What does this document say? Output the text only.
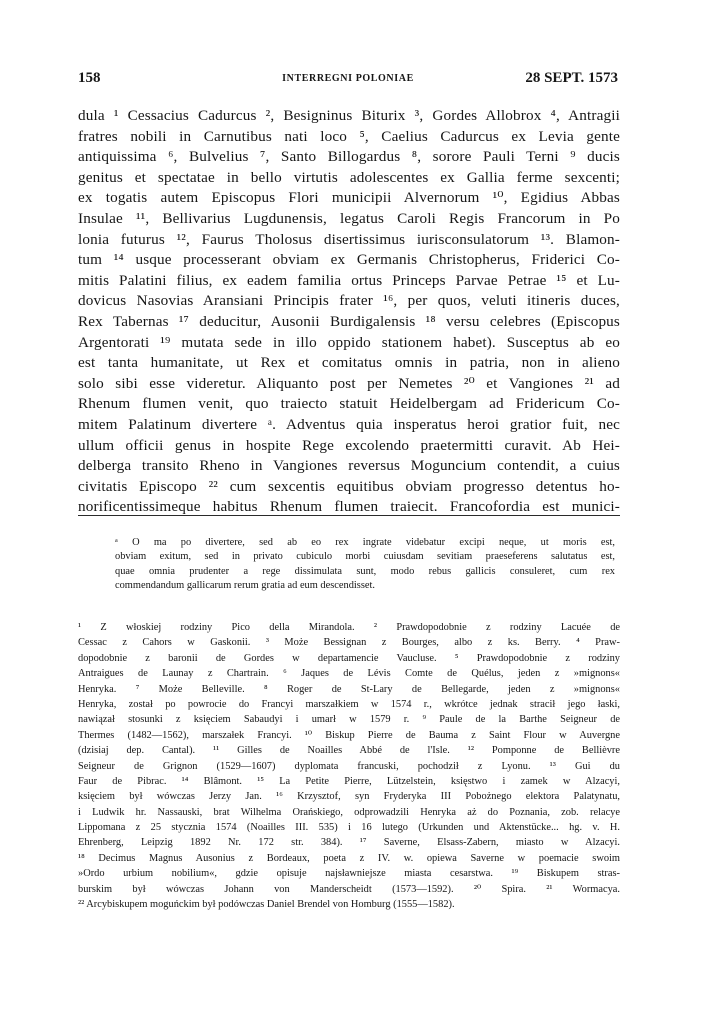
158	INTERREGNI POLONIAE	28 SEPT. 1573
dula ¹ Cessacius Cadurcus ², Besigninus Biturix ³, Gordes Allobrox ⁴, Antragii
fratres nobili in Carnutibus nati loco ⁵, Caelius Cadurcus ex Levia gente
antiquissima ⁶, Bulvelius ⁷, Santo Billogardus ⁸, sorore Pauli Terni ⁹ ducis
genitus et spectatae in bello virtutis adolescentes ex Gallia ferme sexcenti;
ex togatis autem Episcopus Flori municipii Alvernorum ¹⁰, Egidius Abbas
Insulae ¹¹, Bellivarius Lugdunensis, legatus Caroli Regis Francorum in Po
lonia futurus ¹², Faurus Tholosus disertissimus iurisconsulatorum ¹³. Blamon-
tum ¹⁴ usque processerant obviam ex Germanis Christopherus, Friderici Co-
mitis Palatini filius, ex eadem familia ortus Princeps Parvae Petrae ¹⁵ et Lu-
dovicus Nasovias Aransiani Principis frater ¹⁶, per quos, veluti itineris duces,
Rex Tabernas ¹⁷ deducitur, Ausonii Burdigalensis ¹⁸ versu celebres (Episcopus
Argentorati ¹⁹ mutata sede in illo oppido stationem habet). Susceptus ab eo
est tanta humanitate, ut Rex et comitatus omnis in patria, non in alieno
solo sibi esse videretur. Aliquanto post per Nemetes ²⁰ et Vangiones ²¹ ad
Rhenum flumen venit, quo traiecto statuit Heidelbergam ad Fridericum Co-
mitem Palatinum divertere ᵃ. Adventus quia insperatus heroi gratior fuit, nec
ullum officii genus in hospite Rege excolendo praetermitti curavit. Ab Hei-
delberga transito Rheno in Vangiones reversus Moguncium contendit, a cuius
civitatis Episcopo ²² cum sexcentis equitibus obviam progresso detentus ho-
norificentissimeque habitus Rhenum flumen traiecit. Francofordia est munici-
ᵃ O ma po divertere, sed ab eo rex ingrate videbatur excipi neque, ut moris est,
obviam exitum, sed in privato cubiculo morbi cuiusdam sevitiam praeseferens salutatus est,
quae omnia prudenter a rege dissimulata sunt, modo rebus gallicis consuleret, cum rex
commendandum gallicarum rerum gratia ad eum descendisset.
¹ Z włoskiej rodziny Pico della Mirandola. ² Prawdopodobnie z rodziny Lacuée de
Cessac z Cahors w Gaskonii. ³ Może Bessignan z Bourges, albo z ks. Berry. ⁴ Praw-
dopodobnie z baronii de Gordes w departamencie Vaucluse. ⁵ Prawdopodobnie z rodziny
Antraigues de Launay z Chartrain. ⁶ Jaques de Lévis Comte de Quélus, jeden z »mignons«
Henryka. ⁷ Może Belleville. ⁸ Roger de St-Lary de Bellegarde, jeden z »mignons«
Henryka, został po powrocie do Francyi marszałkiem w 1574 r., wkrótce jednak stracił jego łaski,
nawiązał stosunki z księciem Sabaudyi i umarł w 1579 r. ⁹ Paule de la Barthe Seigneur de
Thermes (1482—1562), marszałek Francyi. ¹⁰ Biskup Pierre de Bauma z Saint Flour w Auvergne
(dzisiaj dep. Cantal). ¹¹ Gilles de Noailles Abbé de l'Isle. ¹² Pomponne de Bellièvre
Seigneur de Grignon (1529—1607) dyplomata francuski, pochodził z Lyonu. ¹³ Gui du
Faur de Pibrac. ¹⁴ Blâmont. ¹⁵ La Petite Pierre, Lützelstein, księstwo i zamek w Alzacyi,
księciem był wówczas Jerzy Jan. ¹⁶ Krzysztof, syn Fryderyka III Pobożnego elektora Palatynatu,
i Ludwik hr. Nassauski, brat Wilhelma Orańskiego, odprowadzili Henryka aż do Poznania, zob. relacye
Lippomana z 25 stycznia 1574 (Noailles III. 535) i 16 lutego (Urkunden und Aktenstücke... hg. v. H.
Ehrenberg, Leipzig 1892 Nr. 172 str. 384). ¹⁷ Saverne, Elsass-Zabern, miasto w Alzacyi.
¹⁸ Decimus Magnus Ausonius z Bordeaux, poeta z IV. w. opiewa Saverne w poemacie swoim
»Ordo urbium nobilium«, gdzie opisuje najsławniejsze miasta cesarstwa. ¹⁹ Biskupem stras-
burskim był wówczas Johann von Manderscheidt (1573—1592). ²⁰ Spira. ²¹ Wormacya.
²² Arcybiskupem moguńckim był podówczas Daniel Brendel von Homburg (1555—1582).
